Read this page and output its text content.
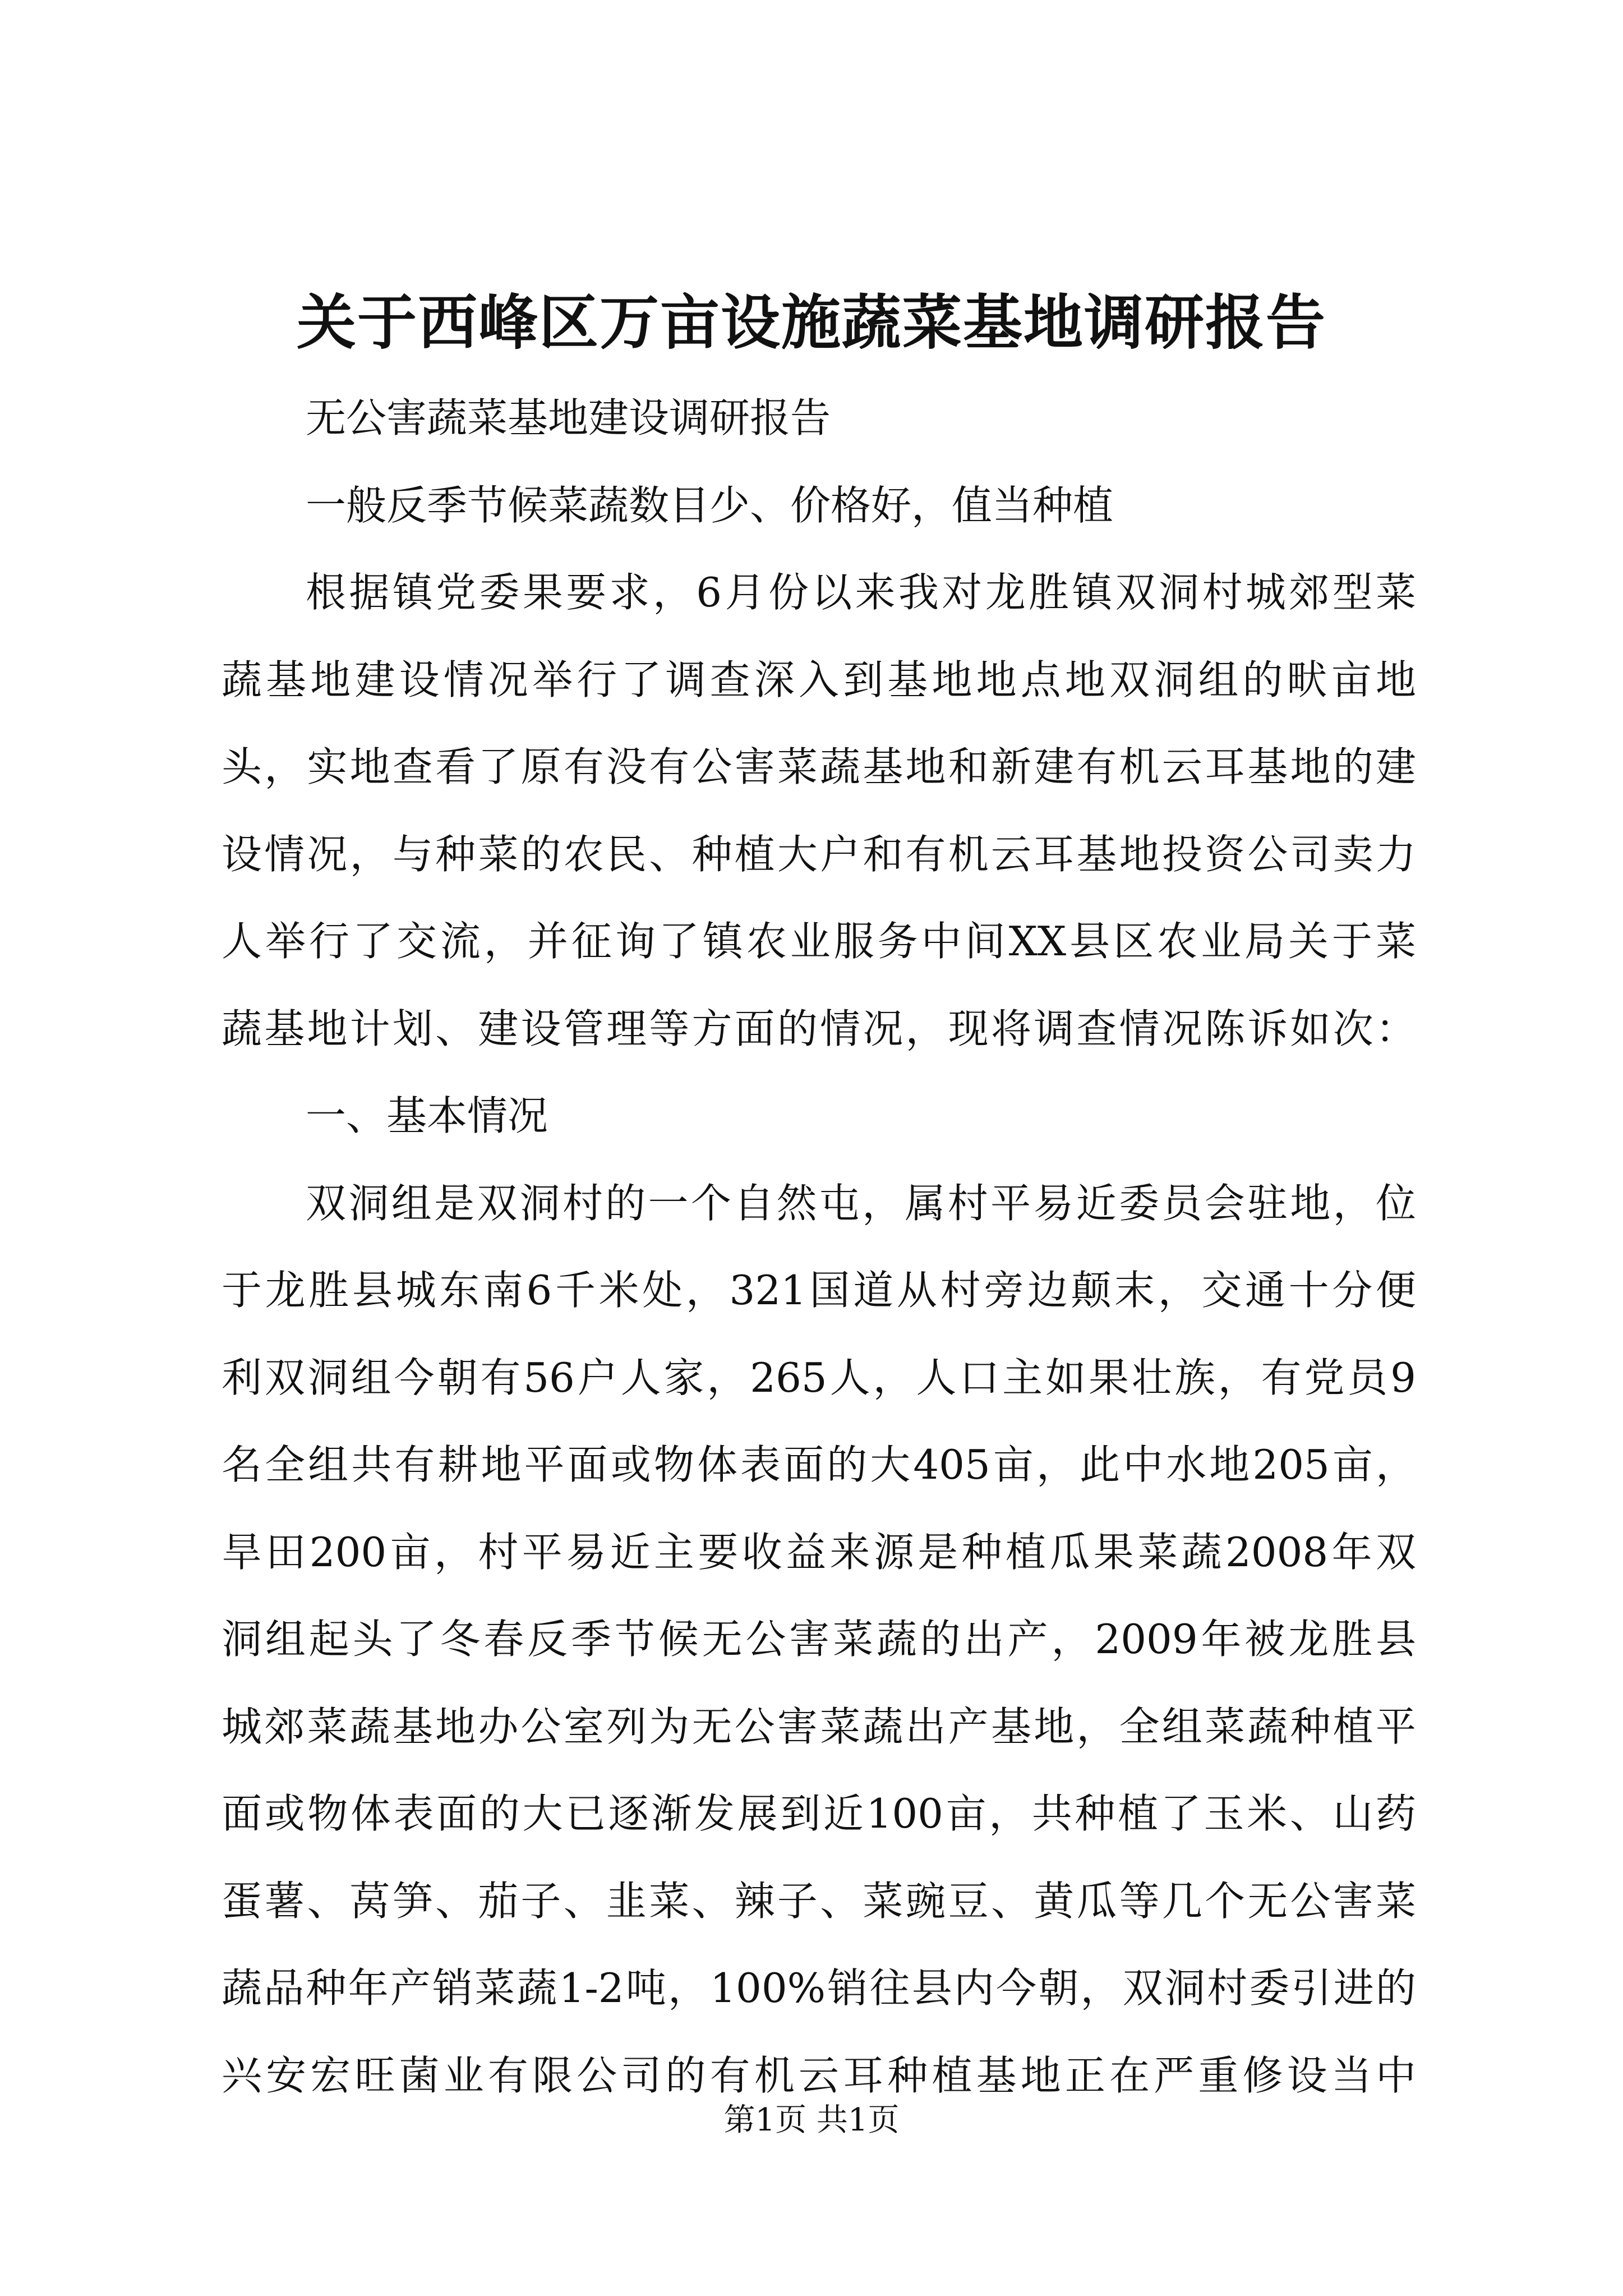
关于西峰区万亩设施蔬菜基地调研报告
无公害蔬菜基地建设调研报告
一般反季节候菜蔬数目少、价格好，值当种植
根据镇党委果要求，6月份以来我对龙胜镇双洞村城郊型菜
蔬基地建设情况举行了调查深入到基地地点地双洞组的畎亩地
头，实地查看了原有没有公害菜蔬基地和新建有机云耳基地的建
设情况，与种菜的农民、种植大户和有机云耳基地投资公司卖力
人举行了交流，并征询了镇农业服务中间XX县区农业局关于菜
蔬基地计划、建设管理等方面的情况，现将调查情况陈诉如次：
一、基本情况
双洞组是双洞村的一个自然屯，属村平易近委员会驻地，位
于龙胜县城东南6千米处，321国道从村旁边颠末，交通十分便
利双洞组今朝有56户人家，265人，人口主如果壮族，有党员9
名全组共有耕地平面或物体表面的大405亩，此中水地205亩，
旱田200亩，村平易近主要收益来源是种植瓜果菜蔬2008年双
洞组起头了冬春反季节候无公害菜蔬的出产，2009年被龙胜县
城郊菜蔬基地办公室列为无公害菜蔬出产基地，全组菜蔬种植平
面或物体表面的大已逐渐发展到近100亩，共种植了玉米、山药
蛋薯、莴笋、茄子、韭菜、辣子、菜豌豆、黄瓜等几个无公害菜
蔬品种年产销菜蔬1-2吨，100%销往县内今朝，双洞村委引进的
兴安宏旺菌业有限公司的有机云耳种植基地正在严重修设当中
第1页 共1页
